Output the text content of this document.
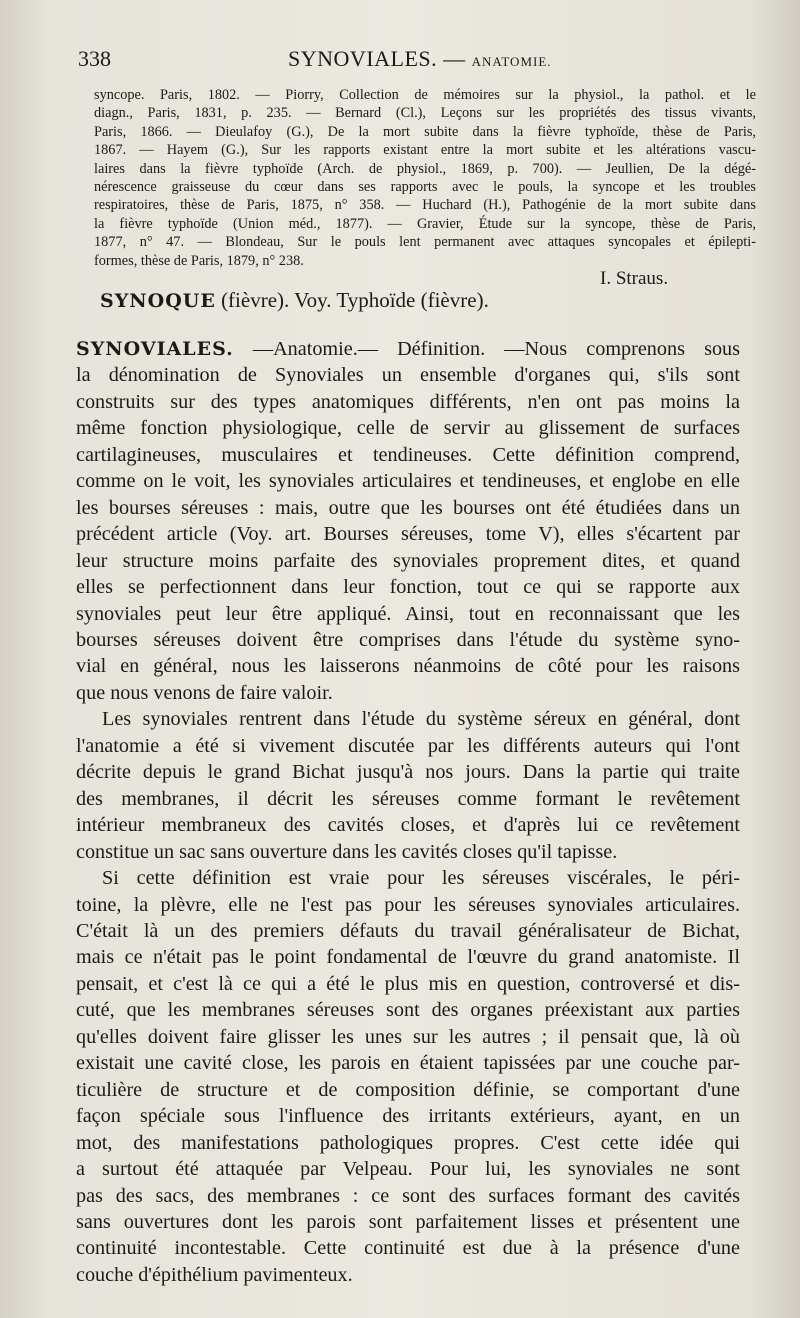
338	SYNOVIALES. — ANATOMIE.
syncope. Paris, 1802. — Piorry, Collection de mémoires sur la physiol., la pathol. et le
diagn., Paris, 1831, p. 235. — Bernard (Cl.), Leçons sur les propriétés des tissus vivants,
Paris, 1866. — Dieulafoy (G.), De la mort subite dans la fièvre typhoïde, thèse de Paris,
1867. — Hayem (G.), Sur les rapports existant entre la mort subite et les altérations vascu-
laires dans la fièvre typhoïde (Arch. de physiol., 1869, p. 700). — Jeullien, De la dégé-
nérescence graisseuse du cœur dans ses rapports avec le pouls, la syncope et les troubles
respiratoires, thèse de Paris, 1875, n° 358. — Huchard (H.), Pathogénie de la mort subite dans
la fièvre typhoïde (Union méd., 1877). — Gravier, Étude sur la syncope, thèse de Paris,
1877, n° 47. — Blondeau, Sur le pouls lent permanent avec attaques syncopales et épilepti-
formes, thèse de Paris, 1879, n° 238.
I. Straus.
SYNOQUE (fièvre). Voy. Typhoïde (fièvre).
SYNOVIALES. —Anatomie.— Définition. —Nous comprenons sous
la dénomination de Synoviales un ensemble d'organes qui, s'ils sont
construits sur des types anatomiques différents, n'en ont pas moins la
même fonction physiologique, celle de servir au glissement de surfaces
cartilagineuses, musculaires et tendineuses. Cette définition comprend,
comme on le voit, les synoviales articulaires et tendineuses, et englobe en elle
les bourses séreuses : mais, outre que les bourses ont été étudiées dans un
précédent article (Voy. art. Bourses séreuses, tome V), elles s'écartent par
leur structure moins parfaite des synoviales proprement dites, et quand
elles se perfectionnent dans leur fonction, tout ce qui se rapporte aux
synoviales peut leur être appliqué. Ainsi, tout en reconnaissant que les
bourses séreuses doivent être comprises dans l'étude du système syno-
vial en général, nous les laisserons néanmoins de côté pour les raisons
que nous venons de faire valoir.
Les synoviales rentrent dans l'étude du système séreux en général, dont
l'anatomie a été si vivement discutée par les différents auteurs qui l'ont
décrite depuis le grand Bichat jusqu'à nos jours. Dans la partie qui traite
des membranes, il décrit les séreuses comme formant le revêtement
intérieur membraneux des cavités closes, et d'après lui ce revêtement
constitue un sac sans ouverture dans les cavités closes qu'il tapisse.
Si cette définition est vraie pour les séreuses viscérales, le péri-
toine, la plèvre, elle ne l'est pas pour les séreuses synoviales articulaires.
C'était là un des premiers défauts du travail généralisateur de Bichat,
mais ce n'était pas le point fondamental de l'œuvre du grand anatomiste. Il
pensait, et c'est là ce qui a été le plus mis en question, controversé et dis-
cuté, que les membranes séreuses sont des organes préexistant aux parties
qu'elles doivent faire glisser les unes sur les autres ; il pensait que, là où
existait une cavité close, les parois en étaient tapissées par une couche par-
ticulière de structure et de composition définie, se comportant d'une
façon spéciale sous l'influence des irritants extérieurs, ayant, en un
mot, des manifestations pathologiques propres. C'est cette idée qui
a surtout été attaquée par Velpeau. Pour lui, les synoviales ne sont
pas des sacs, des membranes : ce sont des surfaces formant des cavités
sans ouvertures dont les parois sont parfaitement lisses et présentent une
continuité incontestable. Cette continuité est due à la présence d'une
couche d'épithélium pavimenteux.
